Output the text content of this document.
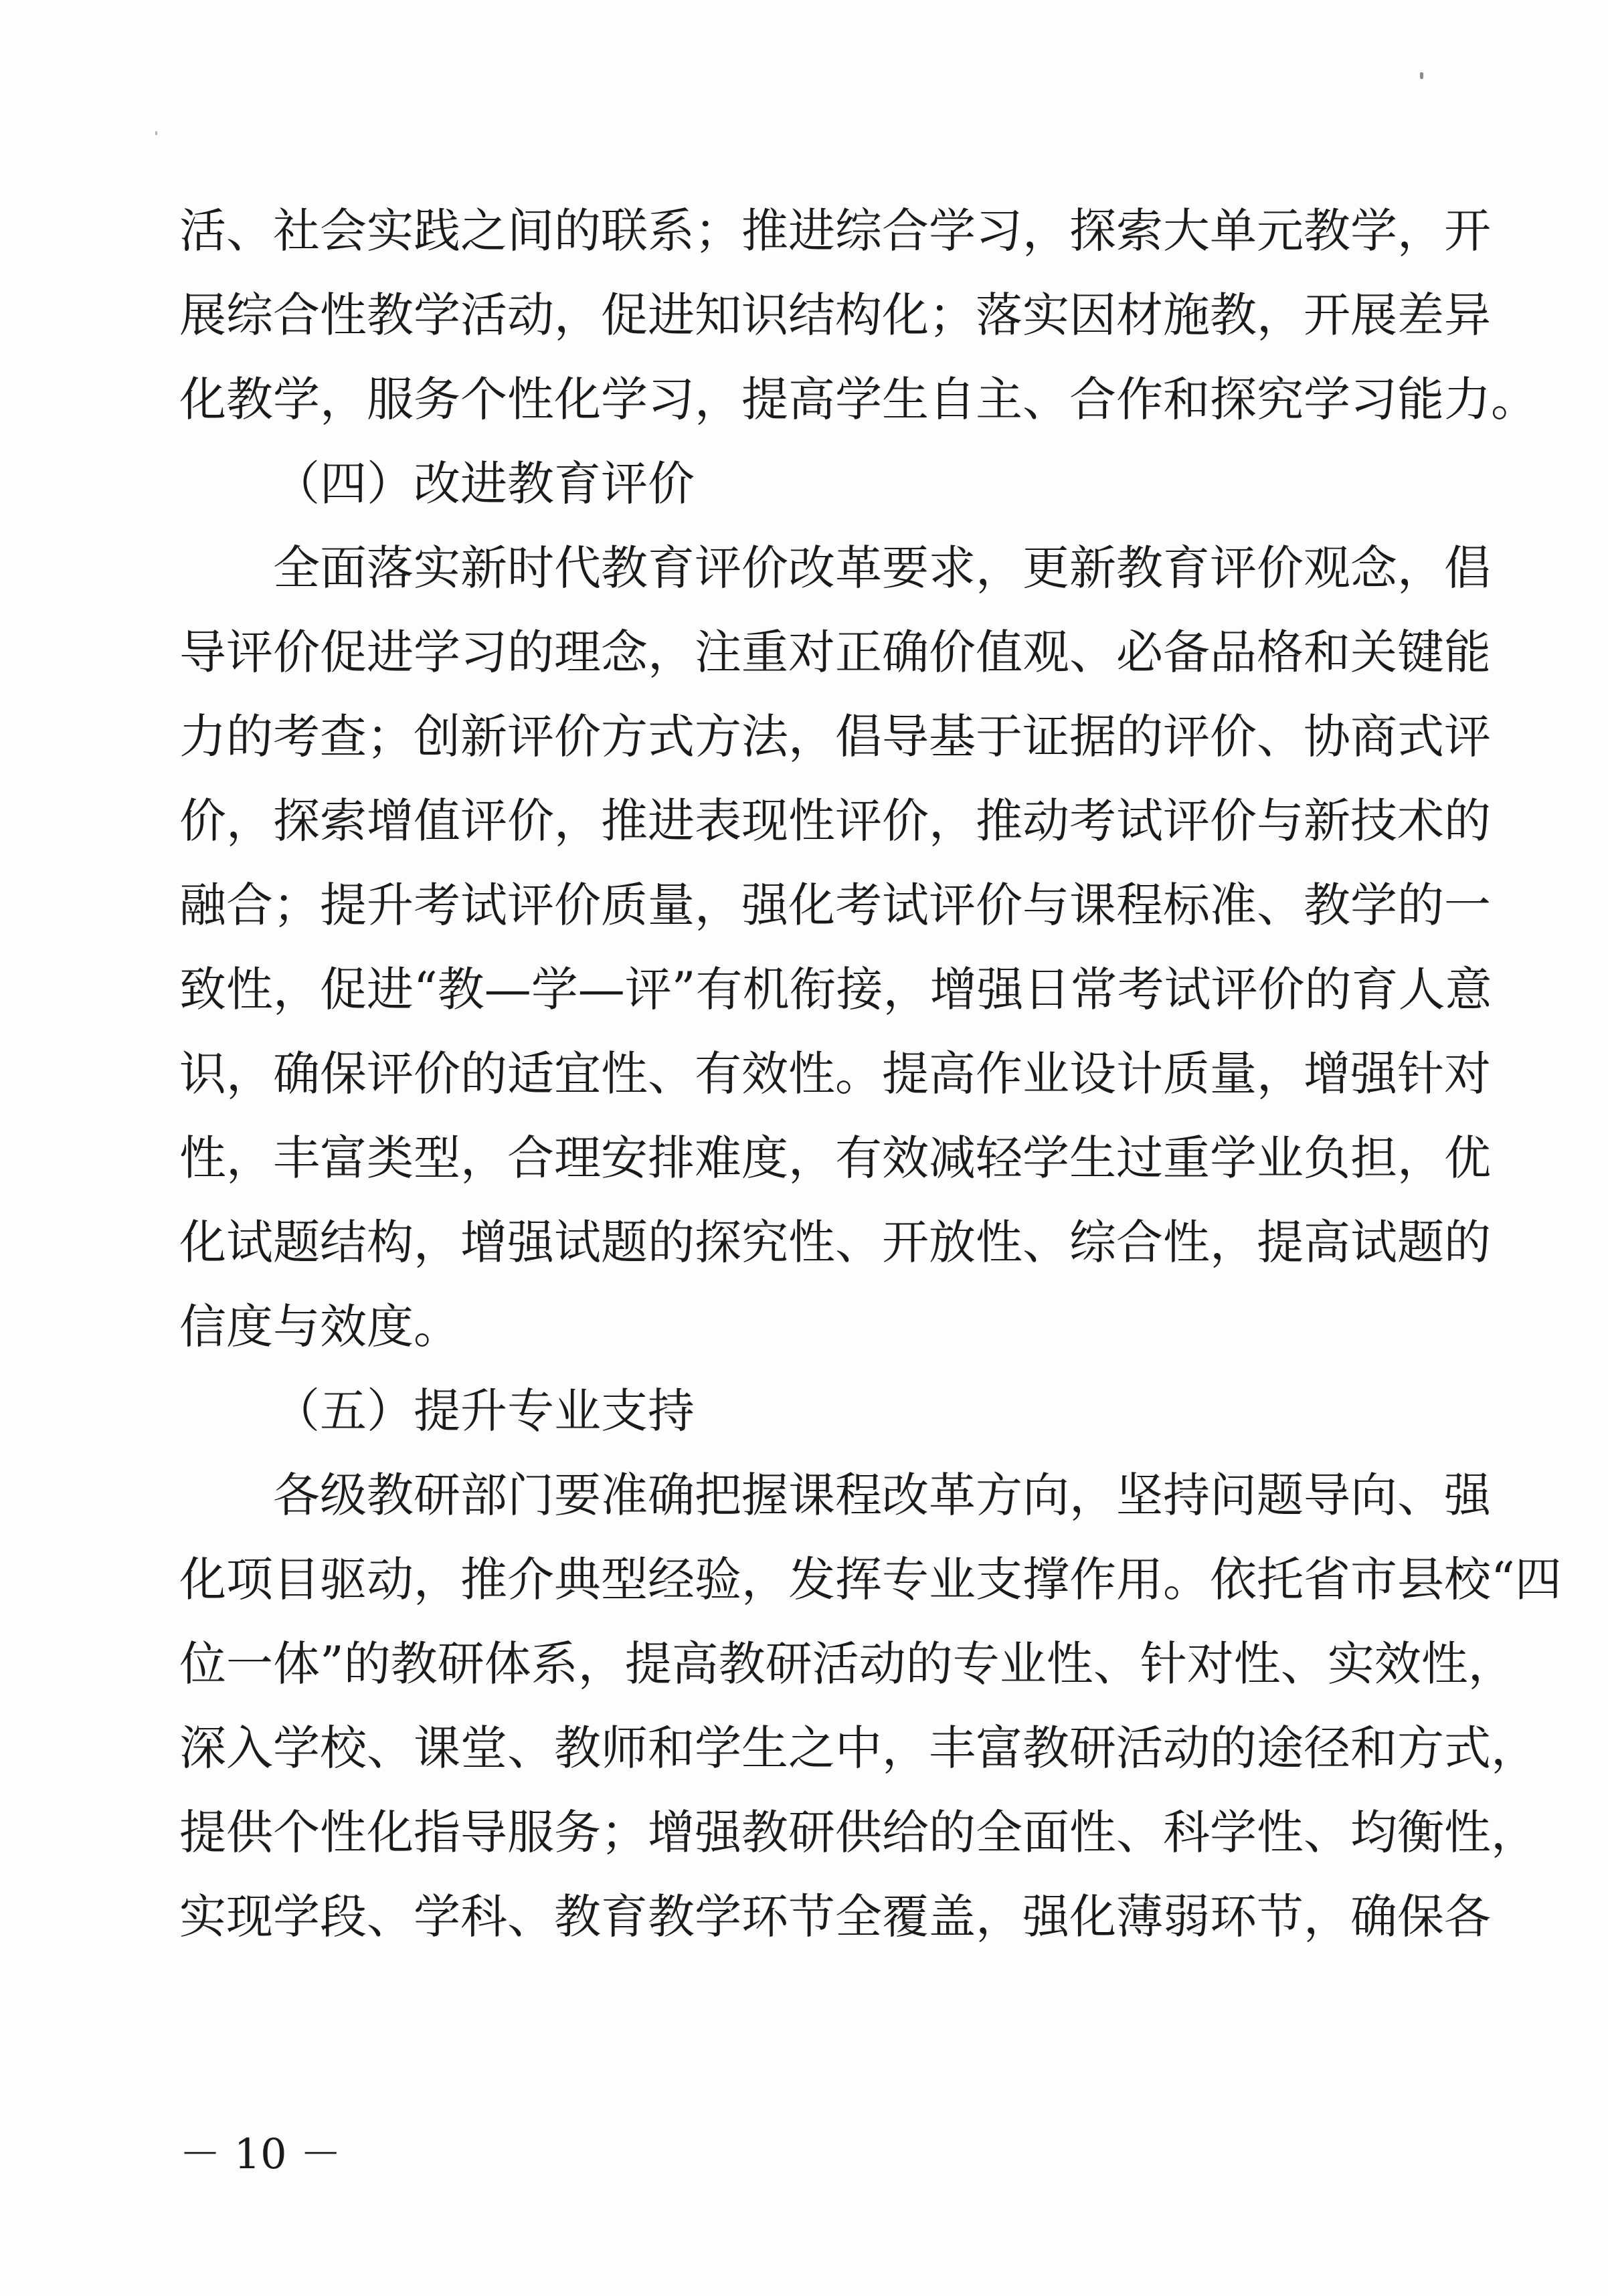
活、社会实践之间的联系；推进综合学习，探索大单元教学，开
展综合性教学活动，促进知识结构化；落实因材施教，开展差异
化教学，服务个性化学习，提高学生自主、合作和探究学习能力。
（四）改进教育评价
全面落实新时代教育评价改革要求，更新教育评价观念，倡
导评价促进学习的理念，注重对正确价值观、必备品格和关键能
力的考查；创新评价方式方法，倡导基于证据的评价、协商式评
价，探索增值评价，推进表现性评价，推动考试评价与新技术的
融合；提升考试评价质量，强化考试评价与课程标准、教学的一
致性，促进“教—学—评”有机衔接，增强日常考试评价的育人意
识，确保评价的适宜性、有效性。提高作业设计质量，增强针对
性，丰富类型，合理安排难度，有效减轻学生过重学业负担，优
化试题结构，增强试题的探究性、开放性、综合性，提高试题的
信度与效度。
（五）提升专业支持
各级教研部门要准确把握课程改革方向，坚持问题导向、强
化项目驱动，推介典型经验，发挥专业支撑作用。依托省市县校“四
位一体”的教研体系，提高教研活动的专业性、针对性、实效性，
深入学校、课堂、教师和学生之中，丰富教研活动的途径和方式，
提供个性化指导服务；增强教研供给的全面性、科学性、均衡性，
实现学段、学科、教育教学环节全覆盖，强化薄弱环节，确保各
－ 10 －
